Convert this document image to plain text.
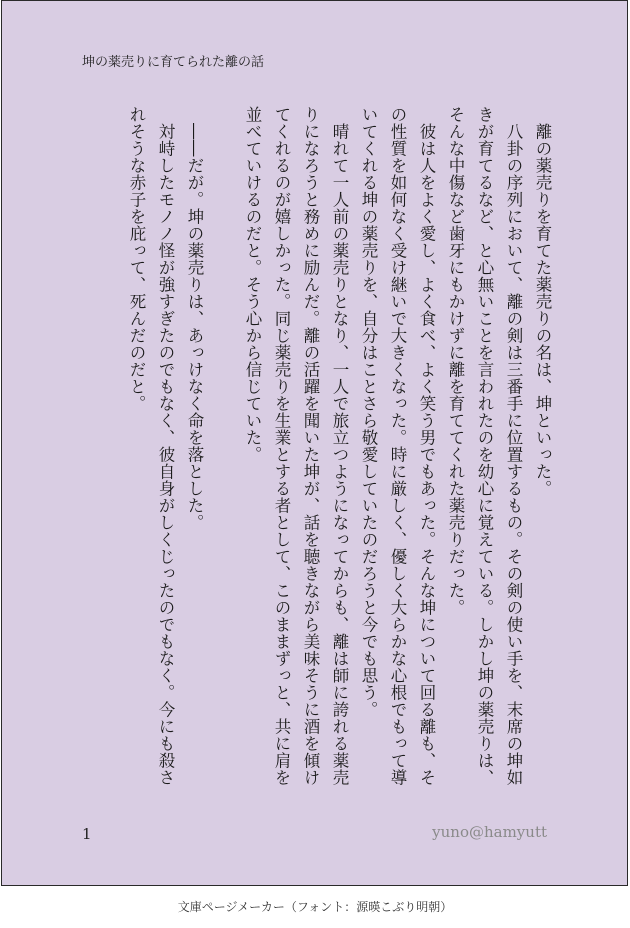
坤の薬売りに育てられた離の話

　離の薬売りを育てた薬売りの名は、坤といった。

　八卦の序列において、離の剣は三番手に位置するもの。その剣の使い手を、末席の坤如きが育てるなど、と心無いことを言われたのを幼心に覚えている。しかし坤の薬売りは、そんな中傷など歯牙にもかけずに離を育ててくれた薬売りだった。

　彼は人をよく愛し、よく食べ、よく笑う男でもあった。そんな坤について回る離も、その性質を如何なく受け継いで大きくなった。時に厳しく、優しく大らかな心根でもって導いてくれる坤の薬売りを、自分はことさら敬愛していたのだろうと今でも思う。

　晴れて一人前の薬売りとなり、一人で旅立つようになってからも、離は師に誇れる薬売りになろうと務めに励んだ。離の活躍を聞いた坤が、話を聴きながら美味そうに酒を傾けてくれるのが嬉しかった。同じ薬売りを生業とする者として、このままずっと、共に肩を並べていけるのだと。そう心から信じていた。

　――だが。坤の薬売りは、あっけなく命を落とした。

　対峙したモノノ怪が強すぎたのでもなく、彼自身がしくじったのでもなく。今にも殺されそうな赤子を庇って、死んだのだと。

1	yuno@hamyutt
文庫ページメーカー（フォント：源暎こぶり明朝）
